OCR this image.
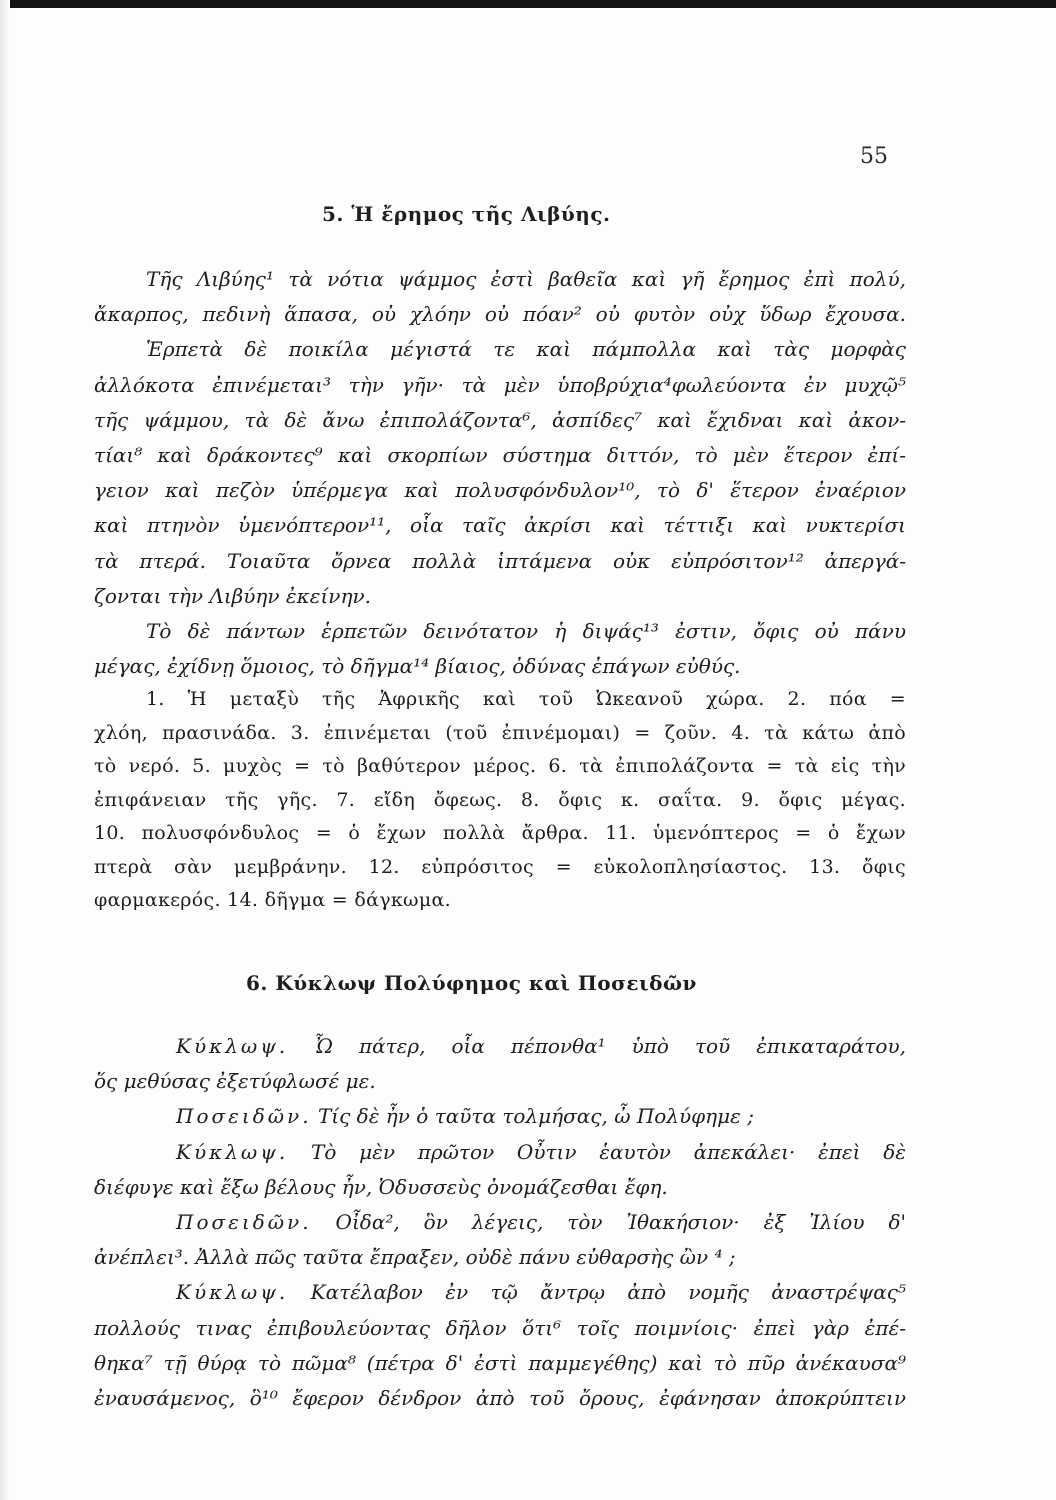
55
5. Ἡ ἔρημος τῆς Λιβύης.
Τῆς Λιβύης¹ τὰ νότια ψάμμος ἐστὶ βαθεῖα καὶ γῆ ἔρημος ἐπὶ πολύ,
ἄκαρπος, πεδινὴ ἅπασα, οὐ χλόην οὐ πόαν² οὐ φυτὸν οὐχ ὕδωρ ἔχουσα.
Ἑρπετὰ δὲ ποικίλα μέγιστά τε καὶ πάμπολλα καὶ τὰς μορφὰς
ἀλλόκοτα ἐπινέμεται³ τὴν γῆν· τὰ μὲν ὑποβρύχια⁴φωλεύοντα ἐν μυχῷ⁵
τῆς ψάμμου, τὰ δὲ ἄνω ἐπιπολάζοντα⁶, ἀσπίδες⁷ καὶ ἔχιδναι καὶ ἀκον-
τίαι⁸ καὶ δράκοντες⁹ καὶ σκορπίων σύστημα διττόν, τὸ μὲν ἕτερον ἐπί-
γειον καὶ πεζὸν ὑπέρμεγα καὶ πολυσφόνδυλον¹⁰, τὸ δ' ἕτερον ἐναέριον
καὶ πτηνὸν ὑμενόπτερον¹¹, οἷα ταῖς ἀκρίσι καὶ τέττιξι καὶ νυκτερίσι
τὰ πτερά. Τοιαῦτα ὄρνεα πολλὰ ἱπτάμενα οὐκ εὐπρόσιτον¹² ἀπεργά-
ζονται τὴν Λιβύην ἐκείνην.
Τὸ δὲ πάντων ἑρπετῶν δεινότατον ἡ διψάς¹³ ἐστιν, ὄφις οὐ πάνυ
μέγας, ἐχίδνῃ ὅμοιος, τὸ δῆγμα¹⁴ βίαιος, ὀδύνας ἐπάγων εὐθύς.
1. Ἡ μεταξὺ τῆς Ἀφρικῆς καὶ τοῦ Ὠκεανοῦ χώρα. 2. πόα =
χλόη, πρασινάδα. 3. ἐπινέμεται (τοῦ ἐπινέμομαι) = ζοῦν. 4. τὰ κάτω ἀπὸ
τὸ νερό. 5. μυχὸς = τὸ βαθύτερον μέρος. 6. τὰ ἐπιπολάζοντα = τὰ εἰς τὴν
ἐπιφάνειαν τῆς γῆς. 7. εἴδη ὄφεως. 8. ὄφις κ. σαΐτα. 9. ὄφις μέγας.
10. πολυσφόνδυλος = ὁ ἔχων πολλὰ ἄρθρα. 11. ὑμενόπτερος = ὁ ἔχων
πτερὰ σὰν μεμβράνην. 12. εὐπρόσιτος = εὐκολοπλησίαστος. 13. ὄφις
φαρμακερός. 14. δῆγμα = δάγκωμα.
6. Κύκλωψ Πολύφημος καὶ Ποσειδῶν
Κύκλωψ. Ὦ πάτερ, οἷα πέπονθα¹ ὑπὸ τοῦ ἐπικαταράτου,
ὅς μεθύσας ἐξετύφλωσέ με.
Ποσειδῶν. Τίς δὲ ἦν ὁ ταῦτα τολμήσας, ὦ Πολύφημε ;
Κύκλωψ. Τὸ μὲν πρῶτον Οὖτιν ἑαυτὸν ἀπεκάλει· ἐπεὶ δὲ
διέφυγε καὶ ἔξω βέλους ἦν, Ὀδυσσεὺς ὀνομάζεσθαι ἔφη.
Ποσειδῶν. Οἶδα², ὃν λέγεις, τὸν Ἰθακήσιον· ἐξ Ἰλίου δ'
ἀνέπλει³. Ἀλλὰ πῶς ταῦτα ἔπραξεν, οὐδὲ πάνυ εὐθαρσὴς ὢν ⁴ ;
Κύκλωψ. Κατέλαβον ἐν τῷ ἄντρῳ ἀπὸ νομῆς ἀναστρέψας⁵
πολλούς τινας ἐπιβουλεύοντας δῆλον ὅτι⁶ τοῖς ποιμνίοις· ἐπεὶ γὰρ ἐπέ-
θηκα⁷ τῇ θύρᾳ τὸ πῶμα⁸ (πέτρα δ' ἐστὶ παμμεγέθης) καὶ τὸ πῦρ ἀνέκαυσα⁹
ἐναυσάμενος, ὃ¹⁰ ἔφερον δένδρον ἀπὸ τοῦ ὄρους, ἐφάνησαν ἀποκρύπτειν
